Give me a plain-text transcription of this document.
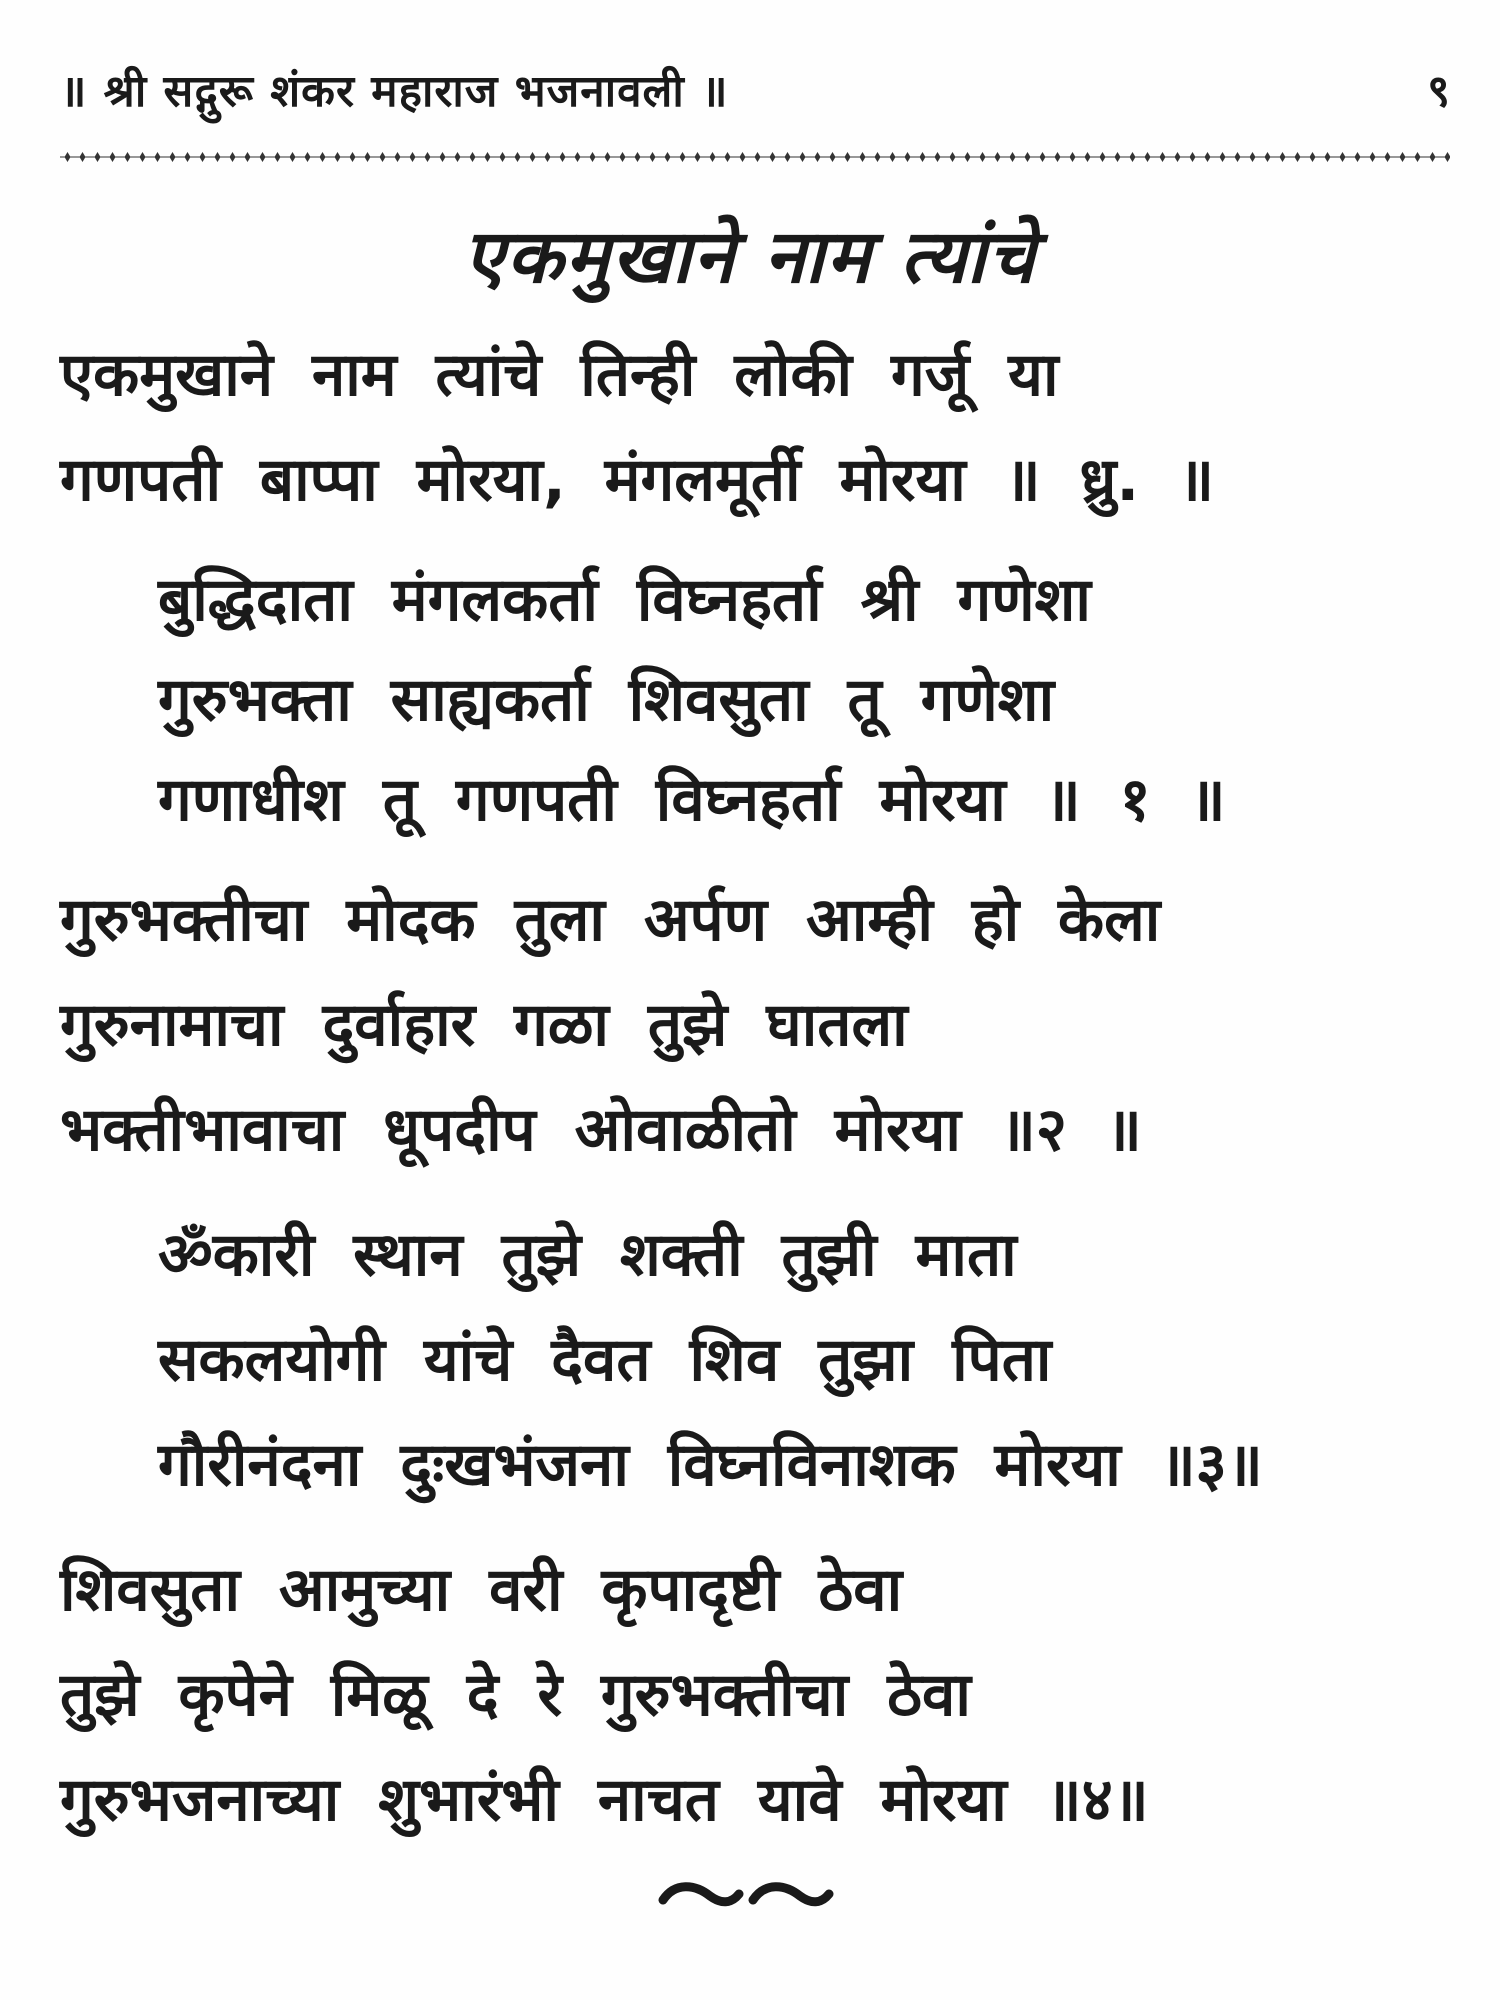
॥ श्री सद्गुरू शंकर महाराज भजनावली ॥	९
एकमुखाने नाम त्यांचे
एकमुखाने नाम त्यांचे तिन्ही लोकी गर्जू या
गणपती बाप्पा मोरया, मंगलमूर्ती मोरया ॥ ध्रु. ॥
बुद्धिदाता मंगलकर्ता विघ्नहर्ता श्री गणेशा
गुरुभक्ता साह्यकर्ता शिवसुता तू गणेशा
गणाधीश तू गणपती विघ्नहर्ता मोरया ॥ १ ॥
गुरुभक्तीचा मोदक तुला अर्पण आम्ही हो केला
गुरुनामाचा दुर्वाहार गळा तुझे घातला
भक्तीभावाचा धूपदीप ओवाळीतो मोरया ॥२ ॥
ॐकारी स्थान तुझे शक्ती तुझी माता
सकलयोगी यांचे दैवत शिव तुझा पिता
गौरीनंदना दुःखभंजना विघ्नविनाशक मोरया ॥३॥
शिवसुता आमुच्या वरी कृपादृष्टी ठेवा
तुझे कृपेने मिळू दे रे गुरुभक्तीचा ठेवा
गुरुभजनाच्या शुभारंभी नाचत यावे मोरया ॥४॥
